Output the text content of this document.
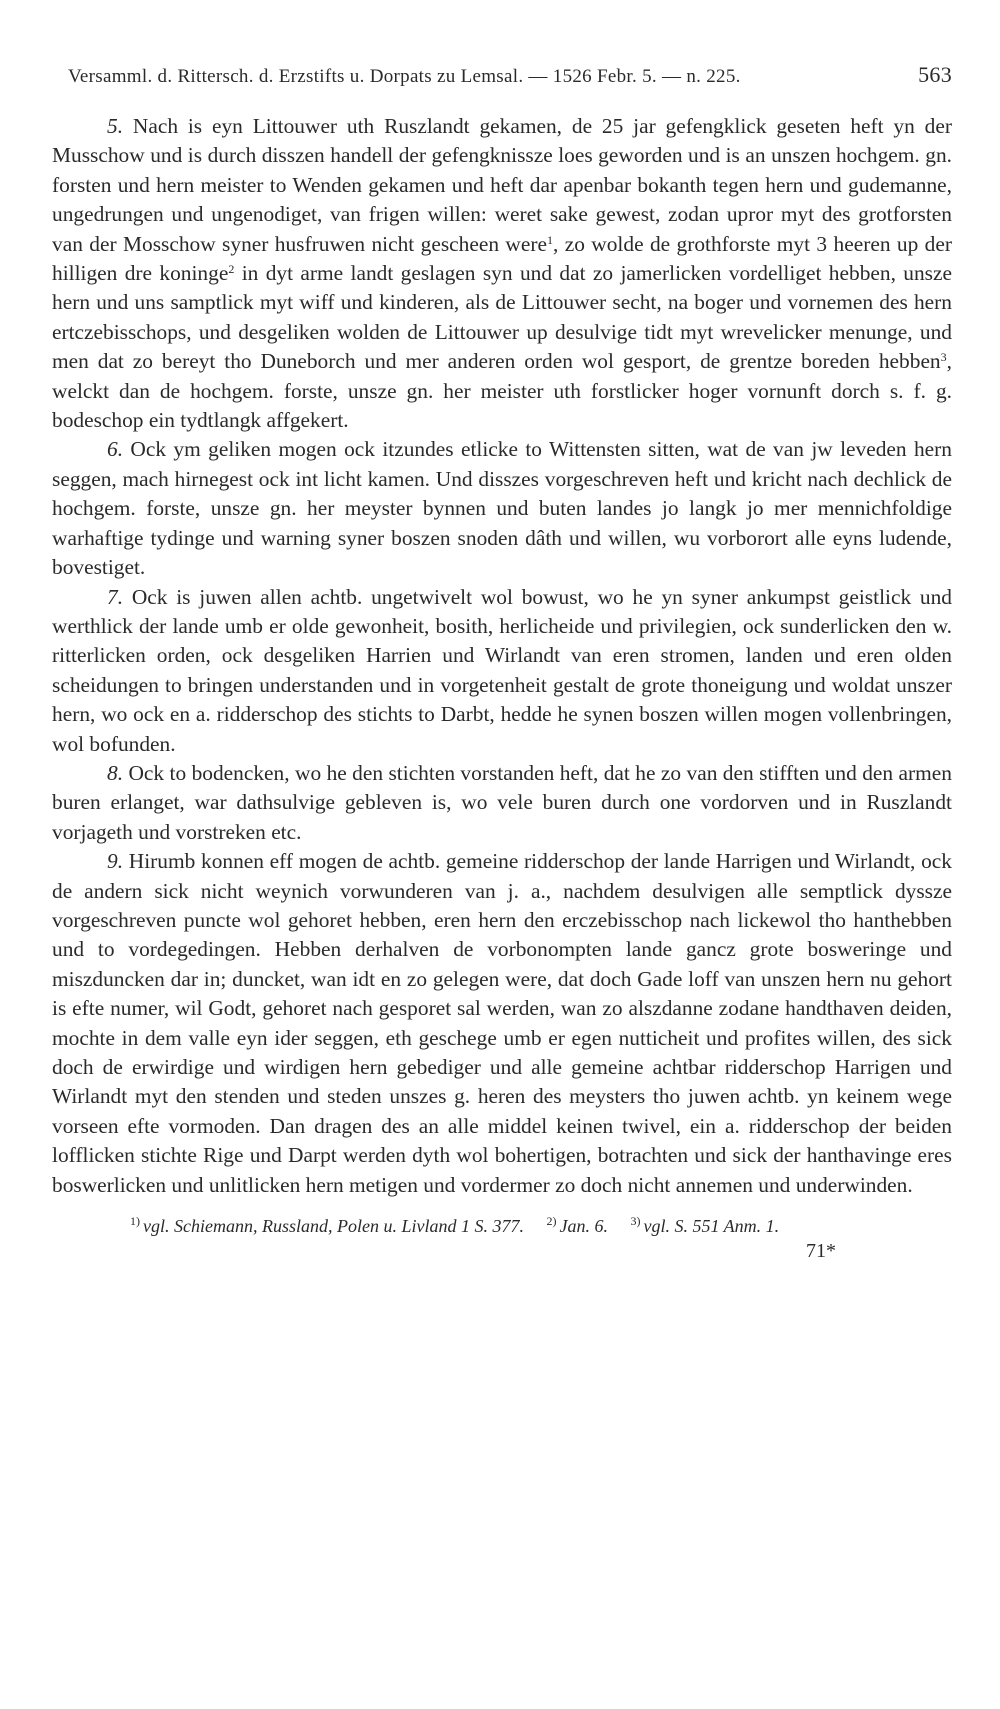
Versamml. d. Rittersch. d. Erzstifts u. Dorpats zu Lemsal. — 1526 Febr. 5. — n. 225.	563

5. Nach is eyn Littouwer uth Ruszlandt gekamen, de 25 jar gefengklick geseten heft yn der Musschow und is durch disszen handell der gefengknissze loes geworden und is an unszen hochgem. gn. forsten und hern meister to Wenden gekamen und heft dar apenbar bokanth tegen hern und gudemanne, ungedrungen und ungenodiget, van frigen willen: weret sake gewest, zodan upror myt des grotforsten van der Mosschow syner husfruwen nicht gescheen were$^1$, zo wolde de grothforste myt 3 heeren up der hilligen dre koninge$^2$ in dyt arme landt geslagen syn und dat zo jamerlicken vordelliget hebben, unsze hern und uns samptlick myt wiff und kinderen, als de Littouwer secht, na boger und vornemen des hern ertczebisschops, und desgeliken wolden de Littouwer up desulvige tidt myt wrevelicker menunge, und men dat zo bereyt tho Duneborch und mer anderen orden wol gesport, de grentze boreden hebben$^3$, welckt dan de hochgem. forste, unsze gn. her meister uth forstlicker hoger vornunft dorch s. f. g. bodeschop ein tydtlangk affgekert.

6. Ock ym geliken mogen ock itzundes etlicke to Wittensten sitten, wat de van jw leveden hern seggen, mach hirnegest ock int licht kamen. Und disszes vorgeschreven heft und kricht nach dechlick de hochgem. forste, unsze gn. her meyster bynnen und buten landes jo langk jo mer mennichfoldige warhaftige tydinge und warning syner boszen snoden dâth und willen, wu vorborort alle eyns ludende, bovestiget.

7. Ock is juwen allen achtb. ungetwivelt wol bowust, wo he yn syner ankumpst geistlick und werthlick der lande umb er olde gewonheit, bosith, herlicheide und privilegien, ock sunderlicken den w. ritterlicken orden, ock desgeliken Harrien und Wirlandt van eren stromen, landen und eren olden scheidungen to bringen understanden und in vorgetenheit gestalt de grote thoneigung und woldat unszer hern, wo ock en a. ridderschop des stichts to Darbt, hedde he synen boszen willen mogen vollenbringen, wol bofunden.

8. Ock to bodencken, wo he den stichten vorstanden heft, dat he zo van den stifften und den armen buren erlanget, war dathsulvige gebleven is, wo vele buren durch one vordorven und in Ruszlandt vorjageth und vorstreken etc.

9. Hirumb konnen eff mogen de achtb. gemeine ridderschop der lande Harrigen und Wirlandt, ock de andern sick nicht weynich vorwunderen van j. a., nachdem desulvigen alle semptlick dyssze vorgeschreven puncte wol gehoret hebben, eren hern den erczebisschop nach lickewol tho hanthebben und to vordegedingen. Hebben derhalven de vorbonompten lande gancz grote bosweringe und miszduncken dar in; duncket, wan idt en zo gelegen were, dat doch Gade loff van unszen hern nu gehort is efte numer, wil Godt, gehoret nach gesporet sal werden, wan zo alszdanne zodane handthaven deiden, mochte in dem valle eyn ider seggen, eth geschege umb er egen nutticheit und profites willen, des sick doch de erwirdige und wirdigen hern gebediger und alle gemeine achtbar ridderschop Harrigen und Wirlandt myt den stenden und steden unszes g. heren des meysters tho juwen achtb. yn keinem wege vorseen efte vormoden. Dan dragen des an alle middel keinen twivel, ein a. ridderschop der beiden lofflicken stichte Rige und Darpt werden dyth wol bohertigen, botrachten und sick der hanthavinge eres boswerlicken und unlitlicken hern metigen und vordermer zo doch nicht annemen und underwinden.

$^{1)}$ vgl. Schiemann, Russland, Polen u. Livland 1 S. 377. $^{2)}$ Jan. 6. $^{3)}$ vgl. S. 551 Anm. 1.
71*
